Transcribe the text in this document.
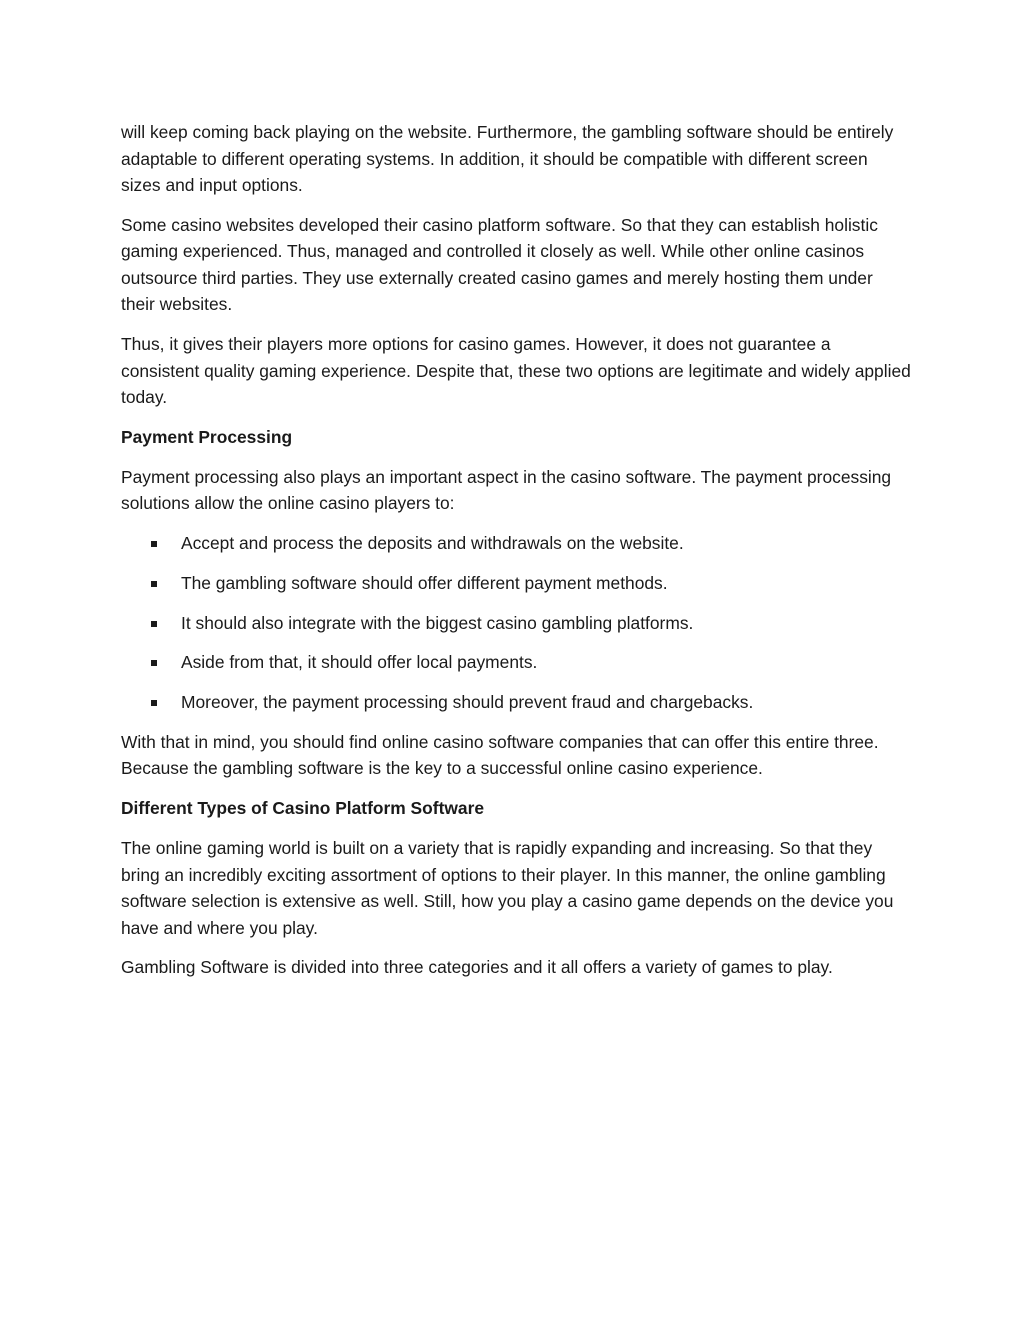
will keep coming back playing on the website. Furthermore, the gambling software should be entirely adaptable to different operating systems. In addition, it should be compatible with different screen sizes and input options.

Some casino websites developed their casino platform software. So that they can establish holistic gaming experienced. Thus, managed and controlled it closely as well. While other online casinos outsource third parties. They use externally created casino games and merely hosting them under their websites.

Thus, it gives their players more options for casino games. However, it does not guarantee a consistent quality gaming experience. Despite that, these two options are legitimate and widely applied today.

Payment Processing

Payment processing also plays an important aspect in the casino software. The payment processing solutions allow the online casino players to:

Accept and process the deposits and withdrawals on the website.
The gambling software should offer different payment methods.
It should also integrate with the biggest casino gambling platforms.
Aside from that, it should offer local payments.
Moreover, the payment processing should prevent fraud and chargebacks.

With that in mind, you should find online casino software companies that can offer this entire three. Because the gambling software is the key to a successful online casino experience.

Different Types of Casino Platform Software

The online gaming world is built on a variety that is rapidly expanding and increasing. So that they bring an incredibly exciting assortment of options to their player. In this manner, the online gambling software selection is extensive as well. Still, how you play a casino game depends on the device you have and where you play.

Gambling Software is divided into three categories and it all offers a variety of games to play.
